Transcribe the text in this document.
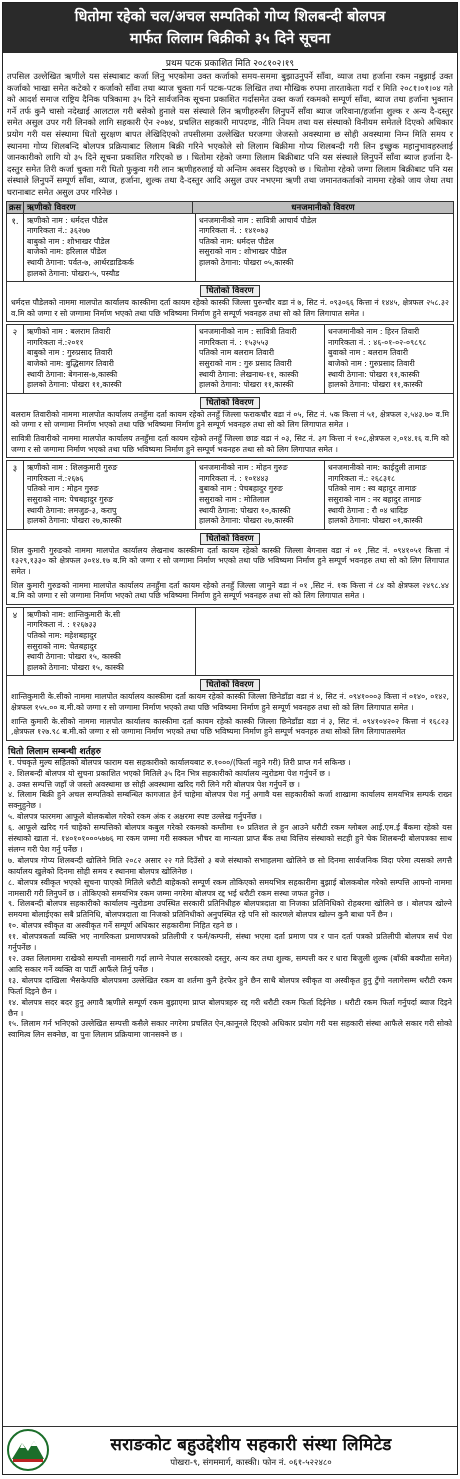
धितोमा रहेको चल/अचल सम्पतिको गोप्य शिलबन्दी बोलपत्र
मार्फत लिलाम बिक्रीको ३५ दिने सूचना
प्रथम पटक प्रकाशित मिति २०८१०२।१९

तपसिल उल्लेखित ऋणीले यस संस्थाबाट कर्जा लिनु भएकोमा उक्त कर्जाको समय-सममा बुझाउनुपर्ने साँवा, व्याज तथा हर्जाना रकम नबुझाई उक्त कर्जाको भाखा समेत कटेको र कर्जाको साँवा तथा ब्याज चुक्ता गर्न पटक-पटक लिखित तथा मौखिक रुपमा तारताकेता गर्दा र मिति २०८१।०१।०४ गते को आदर्श समाज राष्ट्रिय दैनिक पत्रिकामा ३५ दिने सार्वजनिक सूचना प्रकाशित गर्दासमेत उक्त कर्जा रकमको सम्पूर्ण साँवा, ब्याज तथा हर्जाना भुक्तान गर्ने तर्फ कुनै चासो नदेखाई आलटाल गरी बसेको हुनाले यस संस्थाले लिन ऋणीहरुसँग लिनुपर्ने साँवा ब्याज जरिवाना/हर्जाना शुल्क र अन्य दै-दस्तुर समेत असुल उपर गरी लिनको लागि सहकारी ऐन २०७४, प्रचलित सहकारी मापदण्ड, नीति नियम तथा यस संस्थाको विनीयम समेतले दिएको अधिकार प्रयोग गरी यस संस्थामा धितो सुरक्षण बापत लेखिदिएको तपसीलमा उल्लेखित घरजग्गा जेजस्तो अवस्थामा छ सोही अवस्थामा निम्न मिति समय र स्थानमा गोप्य शिलबन्दि बोलपत्र प्रक्रियाबाट लिलाम बिक्री गरिने भएकोले सो लिलाम बिक्रीमा गोप्य शिलबन्दी गरी लिन इच्छुक महानुभावहरुलाई जानकारीको लागि यो ३५ दिने सूचना प्रकाशित गरिएको छ । धितोमा रहेको जग्गा लिलाम बिक्रीबाट पनि यस संस्थाले लिनुपर्ने साँवा ब्याज हर्जाना दै-दस्तुर समेत तिरी कर्जा चुक्ता गरी धितो फुकुवा गरी लान ऋणीहरुलाई यो अन्तिम अवसर दिइएको छ । धितोमा रहेको जग्गा लिलाम बिक्रीबाट पनि यस संस्थाले लिनुपर्ने सम्पूर्ण साँवा, व्याज, हर्जाना, शुल्क तथा दै-दस्तुर आदि असुल उपर नभएमा ऋणी तथा जमानतकर्ताको नाममा रहेको जाय जेथा तथा घरानाबाट समेत असुल उपर गरिनेछ ।

क्रस ऋणीको विवरण	धनजमानीको विवरण
१.	ऋणीको नाम : धर्मदत्त पौडेल
नागरिकता नं.: ३६२७७
बाबुको नाम : शोभाखर पौडेल
बाजेको नाम: हरिलाल पौडेल
स्थायी ठेगाना: पर्वत-७, आर्थरडाडिकर्क
हालको ठेगाना: पोखरा-५, पस्यौड
धनजमानीको नाम : सावित्री आचार्य पौडेल
नागरिकता नं. : १४१०७३
पतिको नाम: धर्मदत्त पौडेल
ससुराको नाम : शोभाखर पौडेल
हालको ठेगाना: पोखरा ०५,कास्की
धितोको विवरण
धर्मदत्त पौडेलको नाममा मालपोत कार्यालय कास्कीमा दर्ता कायम रहेको कास्की जिल्ला पुरुन्चौर वडा नं ७, सिट नं. ०९३०६६ कित्ता नं १४४५, क्षेत्रफल २५८.३२ व.मि को जग्गा र सो जग्गामा निर्माण भएको तथा पछि भविष्यमा निर्माण हुने सम्पूर्ण भवनहरु तथा सो को लिग लिगापात समेत ।
२	ऋणीको नाम : बलराम तिवारी
नागरिकता नं.:२०११
बाबुको नाम : गुरुप्रसाद तिवारी
बाजेको नाम: बुद्धिसागर तिवारी
स्थायी ठेगाना: बेगनास-७,कास्की
हालको ठेगाना: पोखरा ११,कास्की
धनजमानीको नाम : सावित्री तिवारी
नागरिकता नं. : १५३५५३
पतिको नाम बलराम तिवारी
ससुराको नाम : गुरु प्रसाद तिवारी
स्थायी ठेगाना: लेखनाथ-११, कास्की
हालको ठेगाना: पोखरा ११,कास्की
धनजमानीको नाम : हिरन तिवारी
नागरिकता नं. : ४६-०१-०२-०९८९८
बुवाको नाम : बलराम तिवारी
बाजेको नाम : गुरुप्रसाद तिवारी
स्थायी ठेगाना: पोखरा ११,कास्की
हालको ठेगाना: पोखरा ११,कास्की
धितोको विवरण
बलराम तिवारीको नाममा मालपोत कार्यालय तनहुँमा दर्ता कायम रहेको तनहुँ जिल्ला फराकचौर वडा नं ०५, सिट नं. ५क कित्ता नं ५१, क्षेत्रफल २,५४३.७० व.मि को जग्गा र सो जग्गामा निर्माण भएको तथा पछि भविष्यमा निर्माण हुने सम्पूर्ण भवनहरु तथा सो को लिग लिगापात समेत ।
सावित्री तिवारीको नाममा मालपोत कार्यालय तनहुँमा दर्ता कायम रहेको तनहुँ जिल्ला छाङ वडा नं ०३, सिट नं. ३ग कित्ता नं १०८,क्षेत्रफल २,०१४.१६ व.मि को जग्गा र सो जग्गामा निर्माण भएको तथा पछि भविष्यमा निर्माण हुने सम्पूर्ण भवनहरु तथा सो को लिग लिगापात समेत ।
३	ऋणीको नाम : शिलकुमारी गुरुङ
नागरिकता नं.:२६७६
पतिको नाम : मोहन गुरुङ
ससुराको नाम: पेचबहादुर गुरुङ
स्थायी ठेगाना: लमजुङ-३, करापु
हालको ठेगाना: पोखरा २७,कास्की
धनजमानीको नाम : मोहन गुरुङ
नागरिकता नं. : १०१४४३
बुबाको नाम : पेचबहादुर गुरुङ
ससुराको नाम : मोतिलाल
स्थायी ठेगाना: पोखरा १०,कास्की
हालको ठेगाना: पोखरा २७,कास्की
धनजमानीको नाम: काईदुली तामाङ
नागरिकता नं.: २६८३१८
पतिको नाम : स्व बहादुर तामाङ
ससुराको नाम : नर बहादुर तामाङ
स्थायी ठेगाना : रौ ०४ धादिङ
हालको ठेगाना: पोखरा ०१,कास्की
धितोको विवरण
शिल कुमारी गुरुङको नाममा मालपोत कार्यालय लेखनाथ कास्कीमा दर्ता कायम रहेको कास्की जिल्ला बेगनास वडा नं ०१ ,सिट नं. ०९४१०५१ कित्ता नं १३२९,१३३० को क्षेत्रफल ३०१४.१७ ब.मि को जग्गा र सो जग्गामा निर्माण भएको तथा पछि भविष्यमा निर्माण हुने सम्पूर्ण भवनहरु तथा सो को लिग लिगापात समेत ।
शिल कुमारी गुरुङको नाममा मालपोत कार्यालय तनहुँमा दर्ता कायम रहेको तनहुँ जिल्ला जामुने वडा नं ०१ ,सिट नं. १क कित्ता नं ८४ को क्षेत्रफल २४९८.४४ ब.मि को जग्गा र सो जग्गामा निर्माण भएको तथा पछि भविष्यमा निर्माण हुने सम्पूर्ण भवनहरु तथा सो को लिग लिगापात समेत ।
४	ऋणीको नाम: शान्तिकुमारी के.सी
नागरिकता नं. : १२६७३३
पतिको नाम: महेशबहादुर
ससुराको नाम: चेतबहादुर
स्थायी ठेगाना: पोखरा १५, कास्की
हालको ठेगाना: पोखरा १५, कास्की
धितोको विवरण
शान्तिकुमारी के.सीको नाममा मालपोत कार्यालय कास्कीमा दर्ता कायम रहेको कास्की जिल्ला छिनेडाँडा वडा नं ४, सिट नं. ०९४१०००३ कित्ता नं ०१४०, ०१४२, क्षेत्रफल १५५.०० ब.मी.को जग्गा र सो जग्गामा निर्माण भएको तथा पछि भविष्यमा निर्माण हुने सम्पूर्ण भवनहरु तथा सो को लिग लिगापात समेत ।
शान्ति कुमारी के.सीको नाममा मालपोत कार्यालय कास्कीमा दर्ता कायम रहेको कास्की जिल्ला छिनेडाँडा वडा नं ३, सिट नं. ०९४१०४२०२ कित्ता नं १६८२३ ,क्षेत्रफल १२७.९८ ब.मी.को जग्गा र सो जग्गामा निर्माण भएको तथा पछि भविष्यमा निर्माण हुने सम्पूर्ण भवनहरु तथा सोको लिग लिगापातसमेत
धितो लिलाम सम्बन्धी शर्तहरु

१. पंचकृते मुल्य सहितको बोलपत्र फाराम यस सहकारीको कार्यालयबाट रु.१०००/(फिर्ता नहुने गरी) तिरी प्राप्त गर्न सकिन्छ ।

२. शिलबन्दी बोलपत्र यो सुचना प्रकाशित भएको मितिले ३५ दिन भित्र सहकारीको कार्यालय न्युरोडमा पेश गर्नुपर्ने छ ।

३. उक्त सम्पत्ति जहाँ जे जस्तो अवस्थामा छ सोही अवस्थामा खरिद गरी लिने गरी बोलपत्र पेश गर्नुपर्ने छ ।

४. लिलाम बिक्री हुने अचल सम्पतिको सम्बन्धित कागजात हेर्न चाहेमा बोलपत्र पेश गर्नु अगावै यस सहकारीको कर्जा शाखामा कार्यालय समयभित्र सम्पर्क राख्न सक्नुहुनेछ ।

५. बोलपत्र फारममा आफूले बोलकबोल गरेको रकम अंक र अक्षरमा स्पष्ट उल्लेख गर्नुपर्नेछ ।

६. आफूले खरिद गर्न चाहेको सम्पत्तिको बोलपत्र कबुल गरेको रकमको कम्तीमा १० प्रतिशत ले हुन आउने धरौटी रकम ग्लोबल आई.एम.ई बैंकमा रहेको यस संस्थाको खाता नं. १४०१०१०००५७७६ मा रकम जम्मा गरी सक्कल भौचर वा मान्यता प्राप्त बैंक तथा वित्तिय संस्थाको सटही हुने चेक शिलबन्दी बोलपत्रका साथ संलग्न गरी पेश गर्नु पर्नेछ ।

७. बोलपत्र गोप्य शिलबन्दी खोलिने मिति २०८२ असार २२ गते दिउँसो ३ बजे संस्थाको सभाहलमा खोलिने छ सो दिनमा सार्वजनिक विदा परेमा त्यसको लगत्तै कार्यालय खुलेको दिनमा सोही समय र स्थानमा बोलपत्र खोलिनेछ ।

८. बोलपत्र स्वीकृत भएको सूचना पाएको मितिले धरौटी बाहेकको सम्पूर्ण रकम तोकिएको समयभित्र सहकारीमा बुझाई बोलकबोल गरेको सम्पत्ति आफ्नो नाममा नामसारी गरी लिनुपर्ने छ । तोकिएको समयभित्र रकम जम्मा नगरेमा बोलपत्र रद्द भई धरौटी रकम सस्था जफत हुनेछ ।

९. शिलबन्दी बोलपत्र सहकारीको कार्यालय न्युरोडमा उपस्थित सरकारी प्रतिनिधीहरु बोलपत्रदाता वा निजका प्रतिनिधिको रोहबरमा खोलिने छ । बोलपत्र खोल्ने समयमा बोलाईएका सबै प्रतिनिधि, बोलपत्रदाता वा निजको प्रतिनिधीको अनुपस्थित रहे पनि सो कारणले बोलपत्र खोल्न कुनै बाधा पर्ने छैन ।

१०. बोलपत्र स्वीकृत वा अस्वीकृत गर्ने सम्पूर्ण अधिकार सहकारीमा निहित रहने छ ।

११. बोलपत्रकर्ता व्यक्ति भए नागरिकता प्रमाणपत्रको प्रतिलीपी र फर्म/कम्पनी, संस्था भएमा दर्ता प्रमाण पत्र र पान दर्ता पत्रको प्रतिलीपी बोलपत्र सर्थ पेश गर्नुपर्नेछ ।

१२. उक्त लिलाममा राखेको सम्पत्ती नामसारी गर्दा लाग्ने नेपाल सरकारको दस्तुर, अन्य कर तथा शुल्क, सम्पत्ती कर र धारा बिजुली शुल्क (बाँकी बक्यौता समेत) आदि सकार गर्ने व्यक्ति वा पार्टी आफैंले तिर्नु पर्नेछ ।

१३. बोलपत्र दाखिला भैसकेपछि बोलपत्रमा उल्लेखित रकम वा शर्तमा कुनै हेरफेर हुने छैन साथै बोलपत्र स्वीकृत वा अस्वीकृत हुनु टुँगो नलागेसम्म धरौटी रकम फिर्ता दिइने छैन ।

१४. बोलपत्र सदर बदर हुनु अगावै ऋणीले सम्पूर्ण रकम बुझाएमा प्राप्त बोलपत्रहरु रद्द गरी धरौटी रकम फिर्ता दिईनेछ । धरौटी रकम फिर्ता गर्नुपर्दा ब्याज दिइने छैन ।

१५. लिलाम गर्न भनिएको उल्लेखित सम्पत्ती कसैले सकार नगरेमा प्रचलित ऐन,कानूनले दिएको अधिकार प्रयोग गरी यस सहकारी संस्था आफैले सकार गरी सोको स्वामित्व लिन सक्नेछ, वा पुनः लिलाम प्रक्रियामा जानसक्ने छ ।

सराङकोट बहुउद्देशीय सहकारी संस्था लिमिटेड
पोखरा-९, संगममार्ग, कास्की। फोन नं. ०६१-५२२४८०
